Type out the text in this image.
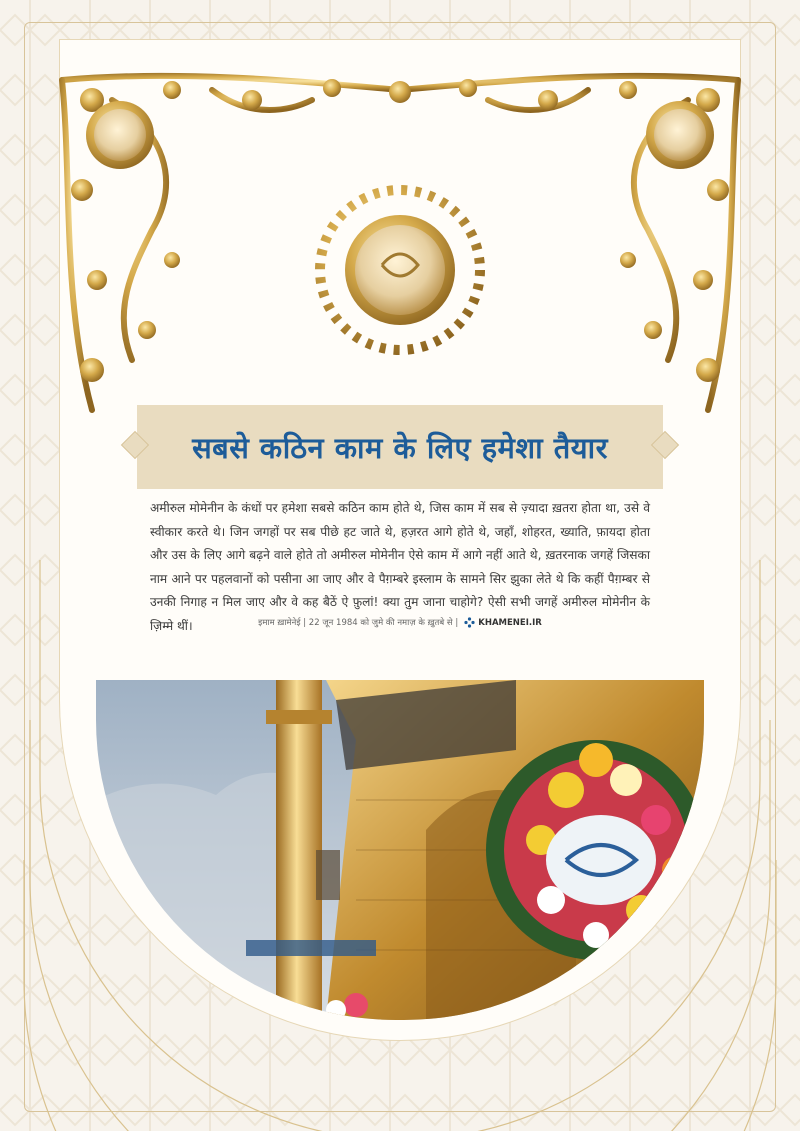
सबसे कठिन काम के लिए हमेशा तैयार

अमीरुल मोमेनीन के कंधों पर हमेशा सबसे कठिन काम होते थे, जिस काम में सब से ज़्यादा ख़तरा होता था, उसे वे स्वीकार करते थे। जिन जगहों पर सब पीछे हट जाते थे, हज़रत आगे होते थे, जहाँ, शोहरत, ख्याति, फ़ायदा होता और उस के लिए आगे बढ़ने वाले होते तो अमीरुल मोमेनीन ऐसे काम में आगे नहीं आते थे, ख़तरनाक जगहें जिसका नाम आने पर पहलवानों को पसीना आ जाए और वे पैग़म्बरे इस्लाम के सामने सिर झुका लेते थे कि कहीं पैग़म्बर से उनकी निगाह न मिल जाए और वे कह बैठें ऐ फ़ुलां! क्या तुम जाना चाहोगे? ऐसी सभी जगहें अमीरुल मोमेनीन के ज़िम्मे थीं।	इमाम ख़ामेनेई | 22 जून 1984 को जुमे की नमाज़ के ख़ुतबे से | KHAMENEI.IR
